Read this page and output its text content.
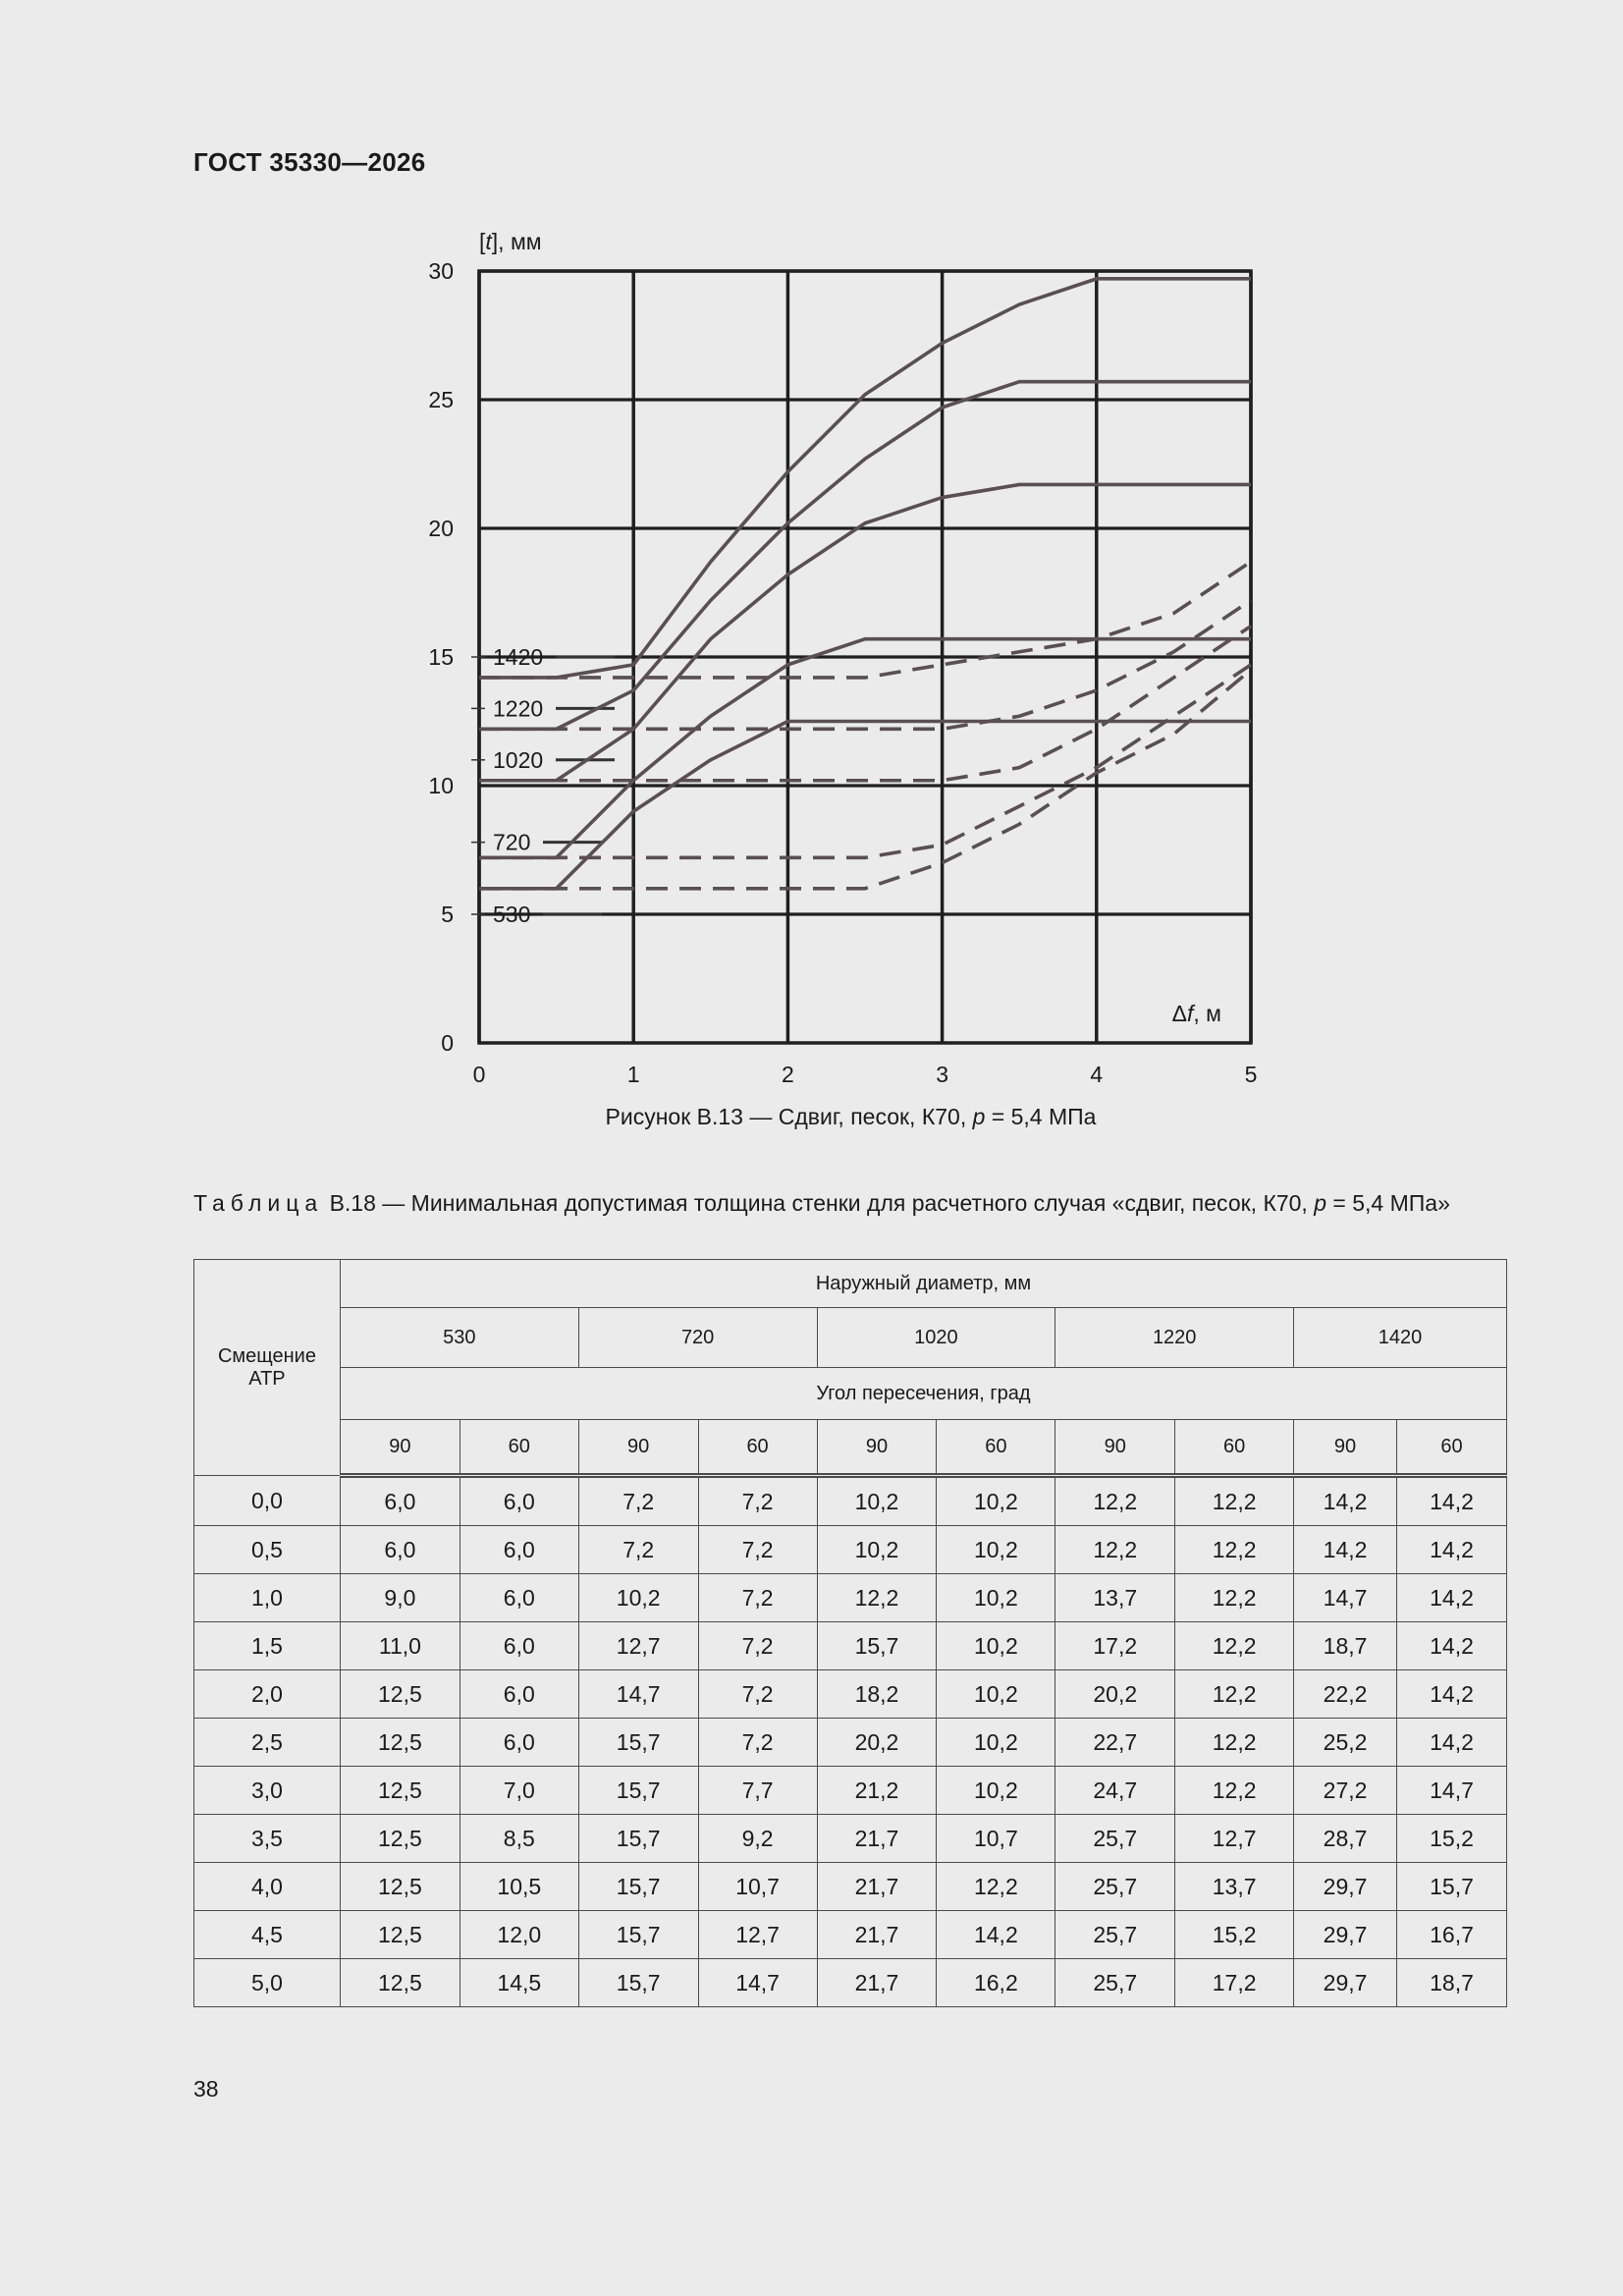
ГОСТ 35330—2026
0	1	2	3	4	5
0
5
10
15
20
25
30
[t], мм
Δf, м
1420
1220
1020
720
530
Рисунок В.13 — Сдвиг, песок, К70, p = 5,4 МПа
Таблица В.18 — Минимальная допустимая толщина стенки для расчетного случая «сдвиг, песок, К70, p = 5,4 МПа»
Смещение АТР	Наружный диаметр, мм									
	530		720		1020		1220		1420	
	Угол пересечения, град									
	90	60	90	60	90	60	90	60	90	60
0,0	6,0	6,0	7,2	7,2	10,2	10,2	12,2	12,2	14,2	14,2
0,5	6,0	6,0	7,2	7,2	10,2	10,2	12,2	12,2	14,2	14,2
1,0	9,0	6,0	10,2	7,2	12,2	10,2	13,7	12,2	14,7	14,2
1,5	11,0	6,0	12,7	7,2	15,7	10,2	17,2	12,2	18,7	14,2
2,0	12,5	6,0	14,7	7,2	18,2	10,2	20,2	12,2	22,2	14,2
2,5	12,5	6,0	15,7	7,2	20,2	10,2	22,7	12,2	25,2	14,2
3,0	12,5	7,0	15,7	7,7	21,2	10,2	24,7	12,2	27,2	14,7
3,5	12,5	8,5	15,7	9,2	21,7	10,7	25,7	12,7	28,7	15,2
4,0	12,5	10,5	15,7	10,7	21,7	12,2	25,7	13,7	29,7	15,7
4,5	12,5	12,0	15,7	12,7	21,7	14,2	25,7	15,2	29,7	16,7
5,0	12,5	14,5	15,7	14,7	21,7	16,2	25,7	17,2	29,7	18,7
38
